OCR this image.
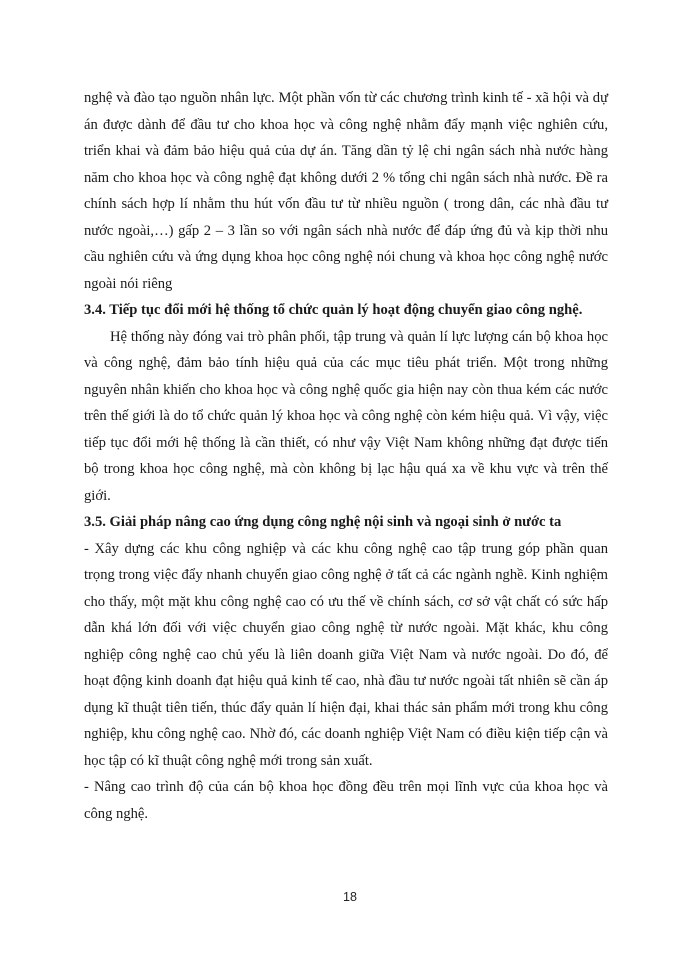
nghệ và đào tạo nguồn nhân lực. Một phần vốn từ các chương trình kinh tế - xã hội và dự án được dành để đầu tư cho khoa học và công nghệ nhằm đẩy mạnh việc nghiên cứu, triển khai và đảm bảo hiệu quả của dự án. Tăng dần tỷ lệ chi ngân sách nhà nước hàng năm cho khoa học và công nghệ đạt không dưới 2 % tổng chi ngân sách nhà nước. Đề ra chính sách hợp lí nhằm thu hút vốn đầu tư từ nhiều nguồn ( trong dân, các nhà đầu tư nước ngoài,…) gấp 2 – 3 lần so với ngân sách nhà nước để đáp ứng đủ và kịp thời nhu cầu nghiên cứu và ứng dụng khoa học công nghệ nói chung và khoa học công nghệ nước ngoài nói riêng

3.4. Tiếp tục đổi mới hệ thống tổ chức quản lý hoạt động chuyển giao công nghệ.

Hệ thống này đóng vai trò phân phối, tập trung và quản lí lực lượng cán bộ khoa học và công nghệ, đảm bảo tính hiệu quả của các mục tiêu phát triển. Một trong những nguyên nhân khiến cho khoa học và công nghệ quốc gia hiện nay còn thua kém các nước trên thế giới là do tổ chức quản lý khoa học và công nghệ còn kém hiệu quả. Vì vậy, việc tiếp tục đổi mới hệ thống là cần thiết, có như vậy Việt Nam không những đạt được tiến bộ trong khoa học công nghệ, mà còn không bị lạc hậu quá xa về khu vực và trên thế giới.

3.5. Giải pháp nâng cao ứng dụng công nghệ nội sinh và ngoại sinh ở nước ta

- Xây dựng các khu công nghiệp và các khu công nghệ cao tập trung góp phần quan trọng trong việc đẩy nhanh chuyển giao công nghệ ở tất cả các ngành nghề. Kinh nghiệm cho thấy, một mặt khu công nghệ cao có ưu thế về chính sách, cơ sở vật chất có sức hấp dẫn khá lớn đối với việc chuyển giao công nghệ từ nước ngoài. Mặt khác, khu công nghiệp công nghệ cao chủ yếu là liên doanh giữa Việt Nam và nước ngoài. Do đó, để hoạt động kinh doanh đạt hiệu quả kinh tế cao, nhà đầu tư nước ngoài tất nhiên sẽ cần áp dụng kĩ thuật tiên tiến, thúc đẩy quản lí hiện đại, khai thác sản phẩm mới trong khu công nghiệp, khu công nghệ cao. Nhờ đó, các doanh nghiệp Việt Nam có điều kiện tiếp cận và học tập có kĩ thuật công nghệ mới trong sản xuất.

- Nâng cao trình độ của cán bộ khoa học đồng đều trên mọi lĩnh vực của khoa học và công nghệ.

18
